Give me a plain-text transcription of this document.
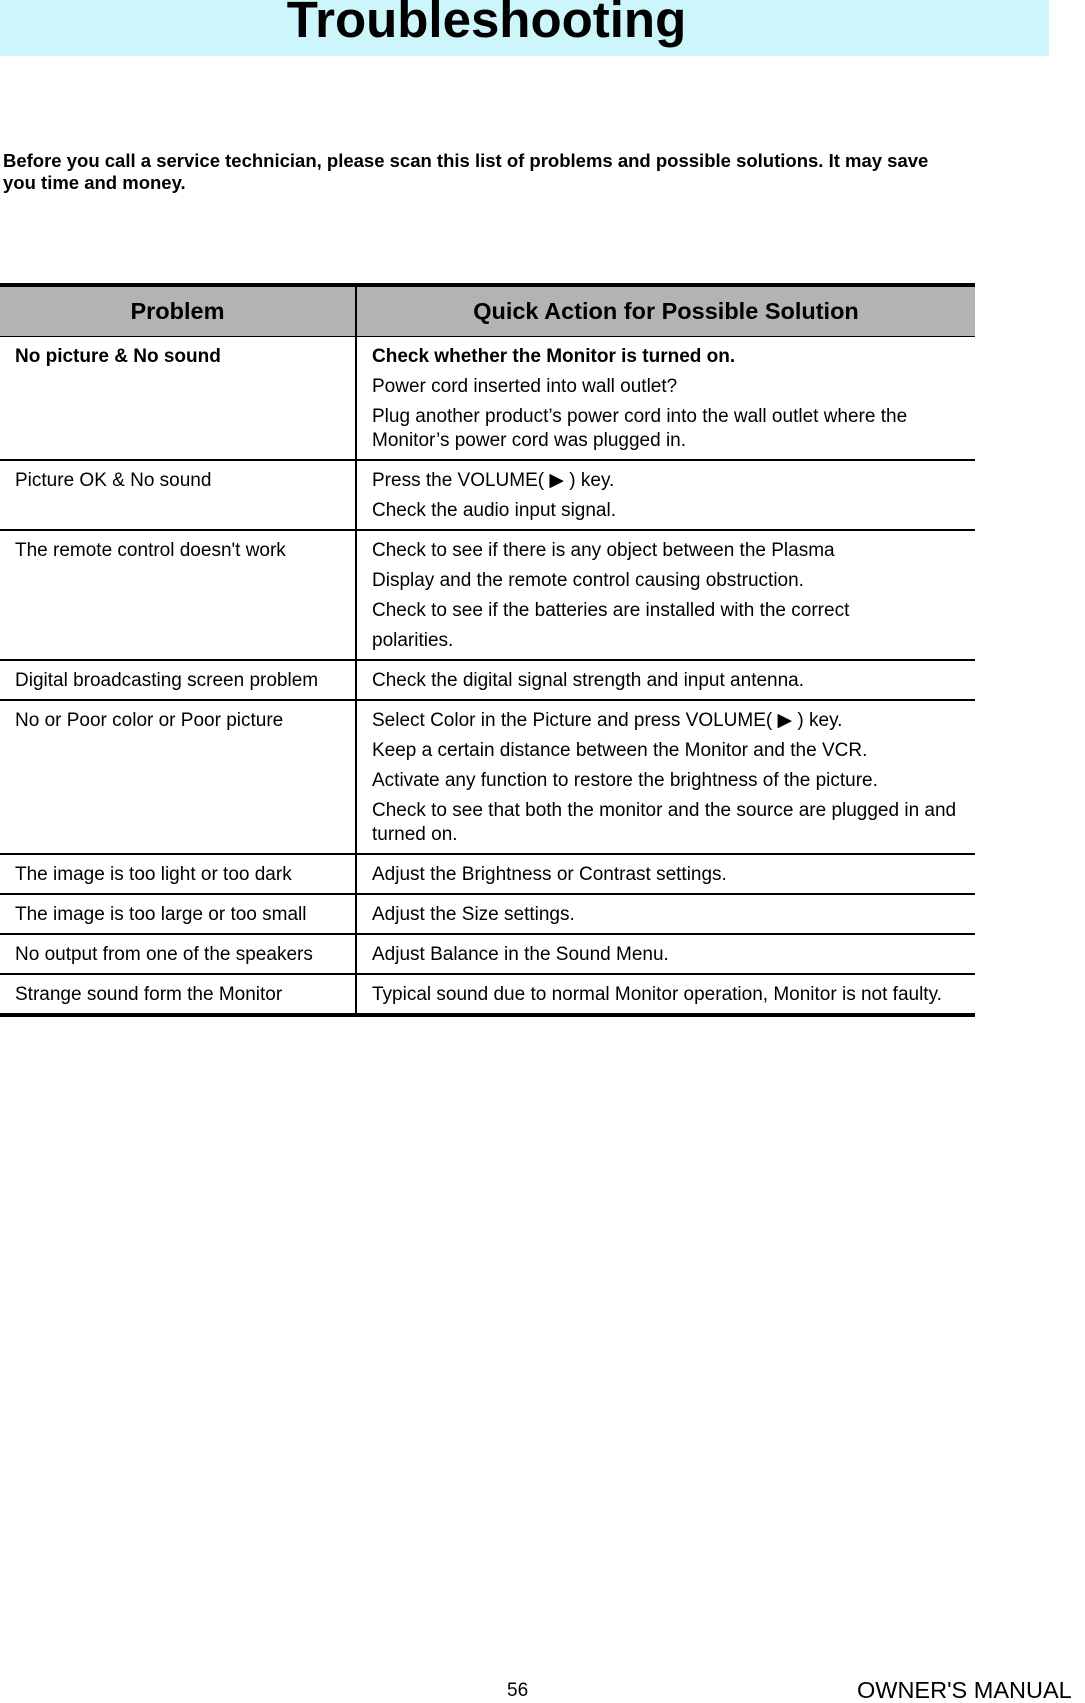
Troubleshooting

Before you call a service technician, please scan this list of problems and possible solutions. It may save you time and money.

Problem	Quick Action for Possible Solution
No picture & No sound	Check whether the Monitor is turned on.

Power cord inserted into wall outlet?

Plug another product’s power cord into the wall outlet where the Monitor’s power cord was plugged in.

Picture OK & No sound	Press the VOLUME( ▶ ) key.

Check the audio input signal.

The remote control doesn't work	Check to see if there is any object between the Plasma

Display and the remote control causing obstruction.

Check to see if the batteries are installed with the correct

polarities.

Digital broadcasting screen problem	Check the digital signal strength and input antenna.

No or Poor color or Poor picture	Select Color in the Picture and press VOLUME( ▶ ) key.

Keep a certain distance between the Monitor and the VCR.

Activate any function to restore the brightness of the picture.

Check to see that both the monitor and the source are plugged in and turned on.

The image is too light or too dark	Adjust the Brightness or Contrast settings.

The image is too large or too small	Adjust the Size settings.

No output from one of the speakers	Adjust Balance in the Sound Menu.

Strange sound form the Monitor	Typical sound due to normal Monitor operation, Monitor is not faulty.

56	OWNER'S MANUAL
